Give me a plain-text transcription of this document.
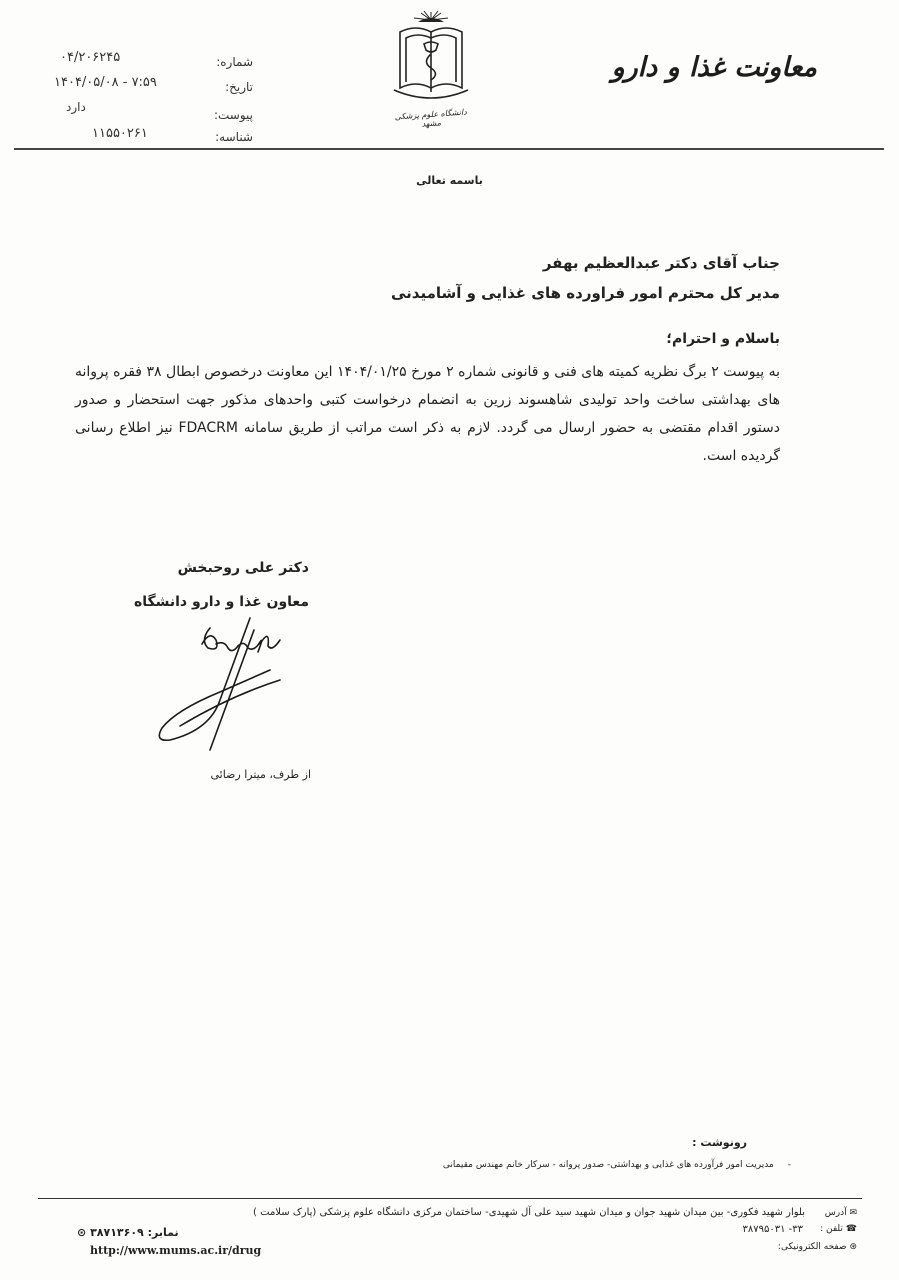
معاونت غذا و دارو
دانشگاه علوم پزشکی مشهد
شماره:
تاریخ:
پیوست:
شناسه:
۰۴/۲۰۶۲۴۵
۱۴۰۴/۰۵/۰۸ - ۷:۵۹
دارد
۱۱۵۵۰۲۶۱
باسمه تعالی
جناب آقای دکتر عبدالعظیم بهفر
مدیر کل محترم امور فراورده های غذایی و آشامیدنی
باسلام و احترام؛
به پیوست ۲ برگ نظریه کمیته های فنی و قانونی شماره ۲ مورخ ۱۴۰۴/۰۱/۲۵ این معاونت درخصوص ابطال ۳۸ فقره پروانه های بهداشتی ساخت واحد تولیدی شاهسوند زرین به انضمام درخواست کتبی واحدهای مذکور جهت استحضار و صدور دستور اقدام مقتضی به حضور ارسال می گردد. لازم به ذکر است مراتب از طریق سامانه FDACRM نیز اطلاع رسانی گردیده است.
دکتر علی روحبخش
معاون غذا و دارو دانشگاه
از طرف، میترا رضائی
رونوشت :
-مدیریت امور فرآورده های غذایی و بهداشتی- صدور پروانه - سرکار خانم مهندس مقیمانی
✉ آدرس
بلوار شهید فکوری- بین میدان شهید جوان و میدان شهید سید علی آل شهیدی- ساختمان مرکزی دانشگاه علوم پزشکی (پارک سلامت )
☎ تلفن :
۳۳- ۳۸۷۹۵۰۳۱
⊛ صفحه الکترونیکی:
نمابر: ۳۸۷۱۳۶۰۹ ⊙
http://www.mums.ac.ir/drug
